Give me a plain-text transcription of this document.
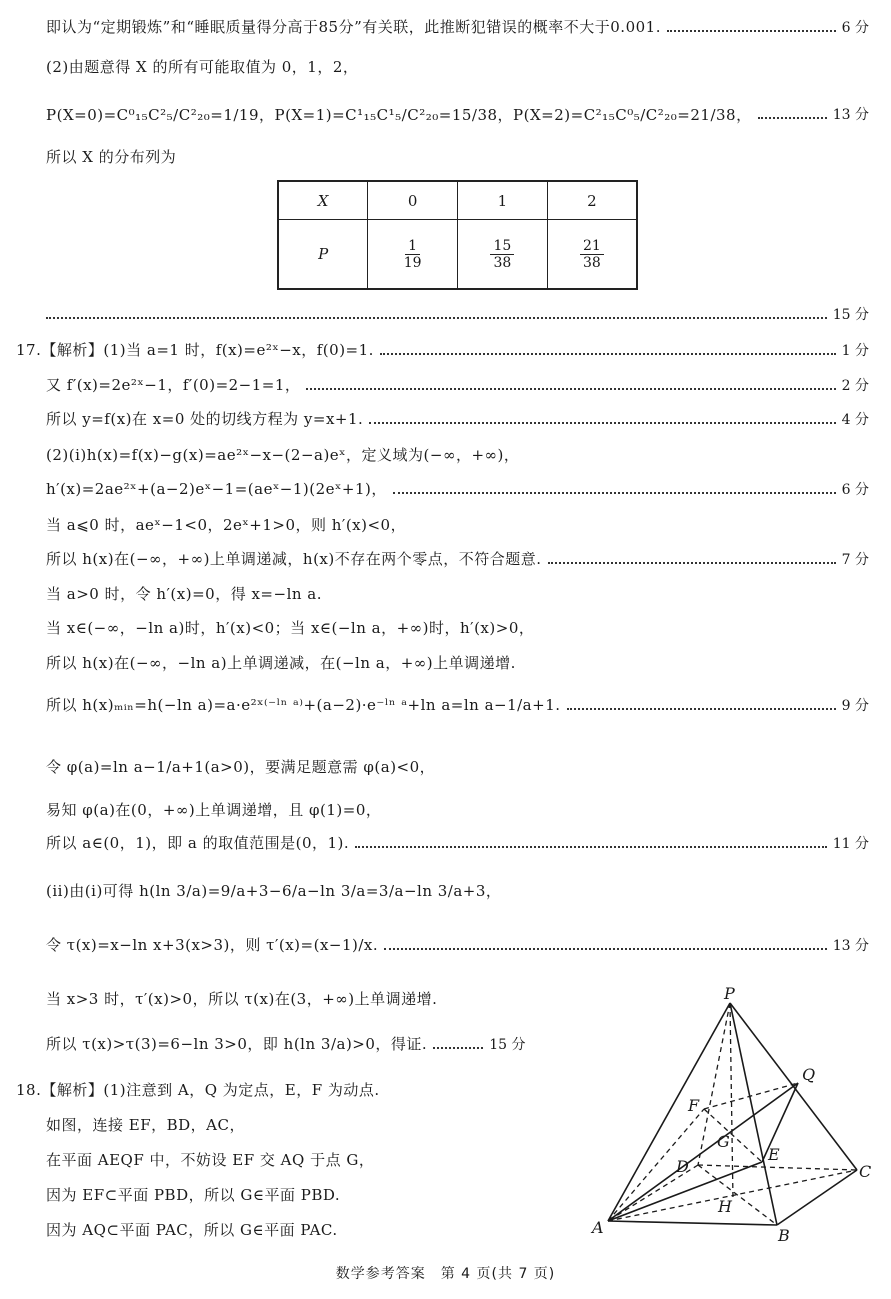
即认为“定期锻炼”和“睡眠质量得分高于85分”有关联，此推断犯错误的概率不大于0.001.	6 分
(2)由题意得 X 的所有可能取值为 0，1，2，
P(X=0)=C⁰₁₅C²₅/C²₂₀=1/19，P(X=1)=C¹₁₅C¹₅/C²₂₀=15/38，P(X=2)=C²₁₅C⁰₅/C²₂₀=21/38，	13 分
所以 X 的分布列为
X	0	1	2
P	$\frac{1}{19}$	$\frac{15}{38}$	$\frac{21}{38}$
15 分
17.【解析】(1)当 a=1 时，f(x)=e²ˣ−x，f(0)=1.	1 分
又 f′(x)=2e²ˣ−1，f′(0)=2−1=1，	2 分
所以 y=f(x)在 x=0 处的切线方程为 y=x+1.	4 分
(2)(i)h(x)=f(x)−g(x)=ae²ˣ−x−(2−a)eˣ，定义域为(−∞，+∞)，
h′(x)=2ae²ˣ+(a−2)eˣ−1=(aeˣ−1)(2eˣ+1)，	6 分
当 a⩽0 时，aeˣ−1<0，2eˣ+1>0，则 h′(x)<0，
所以 h(x)在(−∞，+∞)上单调递减，h(x)不存在两个零点，不符合题意.	7 分
当 a>0 时，令 h′(x)=0，得 x=−ln a.
当 x∈(−∞，−ln a)时，h′(x)<0；当 x∈(−ln a，+∞)时，h′(x)>0，
所以 h(x)在(−∞，−ln a)上单调递减，在(−ln a，+∞)上单调递增.
所以 h(x)ₘᵢₙ=h(−ln a)=a·e²ˣ⁽⁻ˡⁿ ᵃ⁾+(a−2)·e⁻ˡⁿ ᵃ+ln a=ln a−1/a+1.	9 分
令 φ(a)=ln a−1/a+1(a>0)，要满足题意需 φ(a)<0，
易知 φ(a)在(0，+∞)上单调递增，且 φ(1)=0，
所以 a∈(0，1)，即 a 的取值范围是(0，1).	11 分
(ii)由(i)可得 h(ln 3/a)=9/a+3−6/a−ln 3/a=3/a−ln 3/a+3，
令 τ(x)=x−ln x+3(x>3)，则 τ′(x)=(x−1)/x.	13 分
当 x>3 时，τ′(x)>0，所以 τ(x)在(3，+∞)上单调递增.
所以 τ(x)>τ(3)=6−ln 3>0，即 h(ln 3/a)>0，得证.	15 分
18.【解析】(1)注意到 A，Q 为定点，E，F 为动点.
如图，连接 EF，BD，AC，
在平面 AEQF 中，不妨设 EF 交 AQ 于点 G，
因为 EF⊂平面 PBD，所以 G∈平面 PBD.
因为 AQ⊂平面 PAC，所以 G∈平面 PAC.
P
Q
F
G
E
D	C
H
A	B
数学参考答案　第 4 页(共 7 页)
